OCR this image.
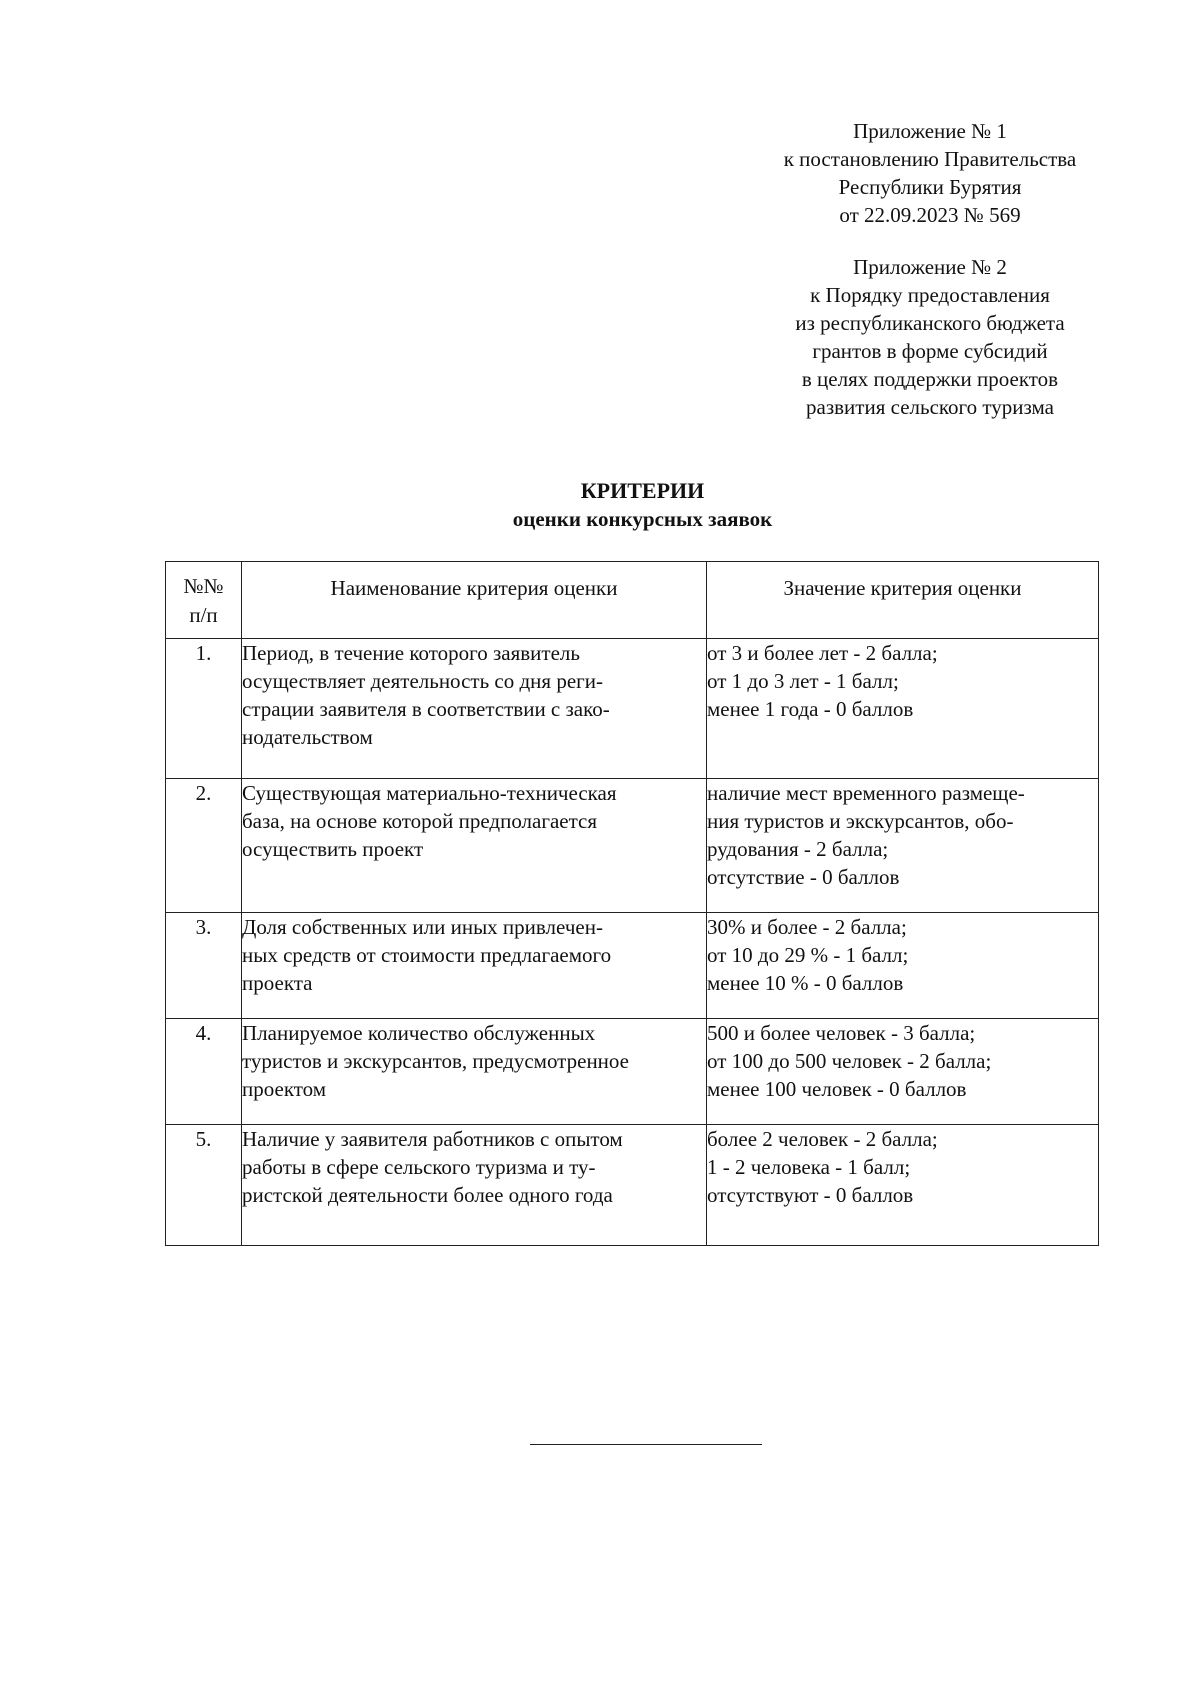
Приложение № 1
к постановлению Правительства
Республики Бурятия
от 22.09.2023 № 569
Приложение № 2
к Порядку предоставления
из республиканского бюджета
грантов в форме субсидий
в целях поддержки проектов
развития сельского туризма
КРИТЕРИИ
оценки конкурсных заявок
№№
п/п	Наименование критерия оценки	Значение критерия оценки
1.	Период, в течение которого заявитель
осуществляет деятельность со дня реги-
страции заявителя в соответствии с зако-
нодательством	от 3 и более лет - 2 балла;
от 1 до 3 лет - 1 балл;
менее 1 года - 0 баллов

2.	Существующая материально-техническая
база, на основе которой предполагается
осуществить проект	наличие мест временного размеще-
ния туристов и экскурсантов, обо-
рудования - 2 балла;
отсутствие - 0 баллов

3.	Доля собственных или иных привлечен-
ных средств от стоимости предлагаемого
проекта	30% и более - 2 балла;
от 10 до 29 % - 1 балл;
менее 10 % - 0 баллов

4.	Планируемое количество обслуженных
туристов и экскурсантов, предусмотренное
проектом	500 и более человек - 3 балла;
от 100 до 500 человек - 2 балла;
менее 100 человек - 0 баллов

5.	Наличие у заявителя работников с опытом
работы в сфере сельского туризма и ту-
ристской деятельности более одного года	более 2 человек - 2 балла;
1 - 2 человека - 1 балл;
отсутствуют - 0 баллов
